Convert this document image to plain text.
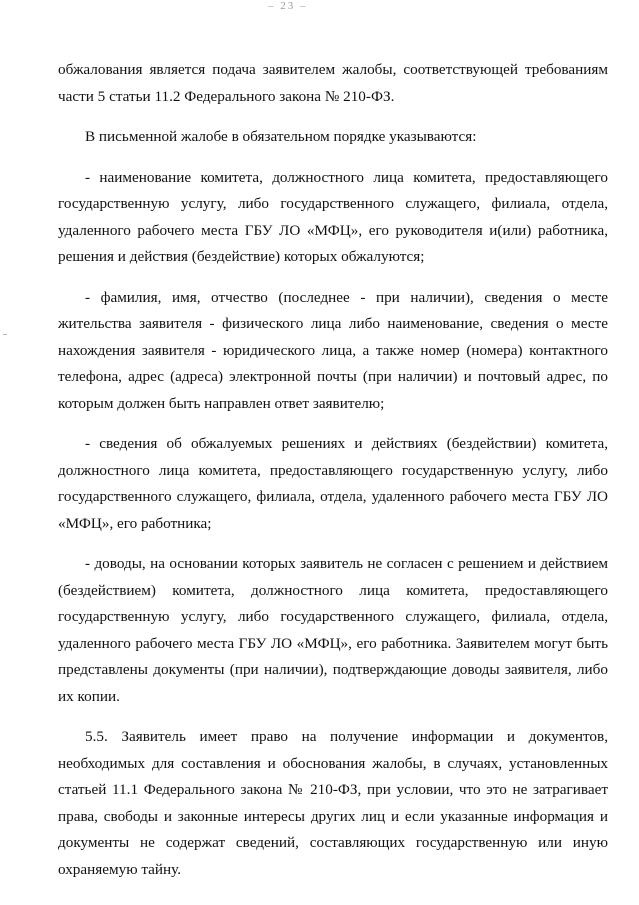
– 23 –

обжалования является подача заявителем жалобы, соответствующей требованиям части 5 статьи 11.2 Федерального закона № 210-ФЗ.

В письменной жалобе в обязательном порядке указываются:

- наименование комитета, должностного лица комитета, предоставляющего государственную услугу, либо государственного служащего, филиала, отдела, удаленного рабочего места ГБУ ЛО «МФЦ», его руководителя и(или) работника, решения и действия (бездействие) которых обжалуются;

- фамилия, имя, отчество (последнее - при наличии), сведения о месте жительства заявителя - физического лица либо наименование, сведения о месте нахождения заявителя - юридического лица, а также номер (номера) контактного телефона, адрес (адреса) электронной почты (при наличии) и почтовый адрес, по которым должен быть направлен ответ заявителю;

- сведения об обжалуемых решениях и действиях (бездействии) комитета, должностного лица комитета, предоставляющего государственную услугу, либо государственного служащего, филиала, отдела, удаленного рабочего места ГБУ ЛО «МФЦ», его работника;

- доводы, на основании которых заявитель не согласен с решением и действием (бездействием) комитета, должностного лица комитета, предоставляющего государственную услугу, либо государственного служащего, филиала, отдела, удаленного рабочего места ГБУ ЛО «МФЦ», его работника. Заявителем могут быть представлены документы (при наличии), подтверждающие доводы заявителя, либо их копии.

5.5. Заявитель имеет право на получение информации и документов, необходимых для составления и обоснования жалобы, в случаях, установленных статьей 11.1 Федерального закона № 210-ФЗ, при условии, что это не затрагивает права, свободы и законные интересы других лиц и если указанные информация и документы не содержат сведений, составляющих государственную или иную охраняемую тайну.
